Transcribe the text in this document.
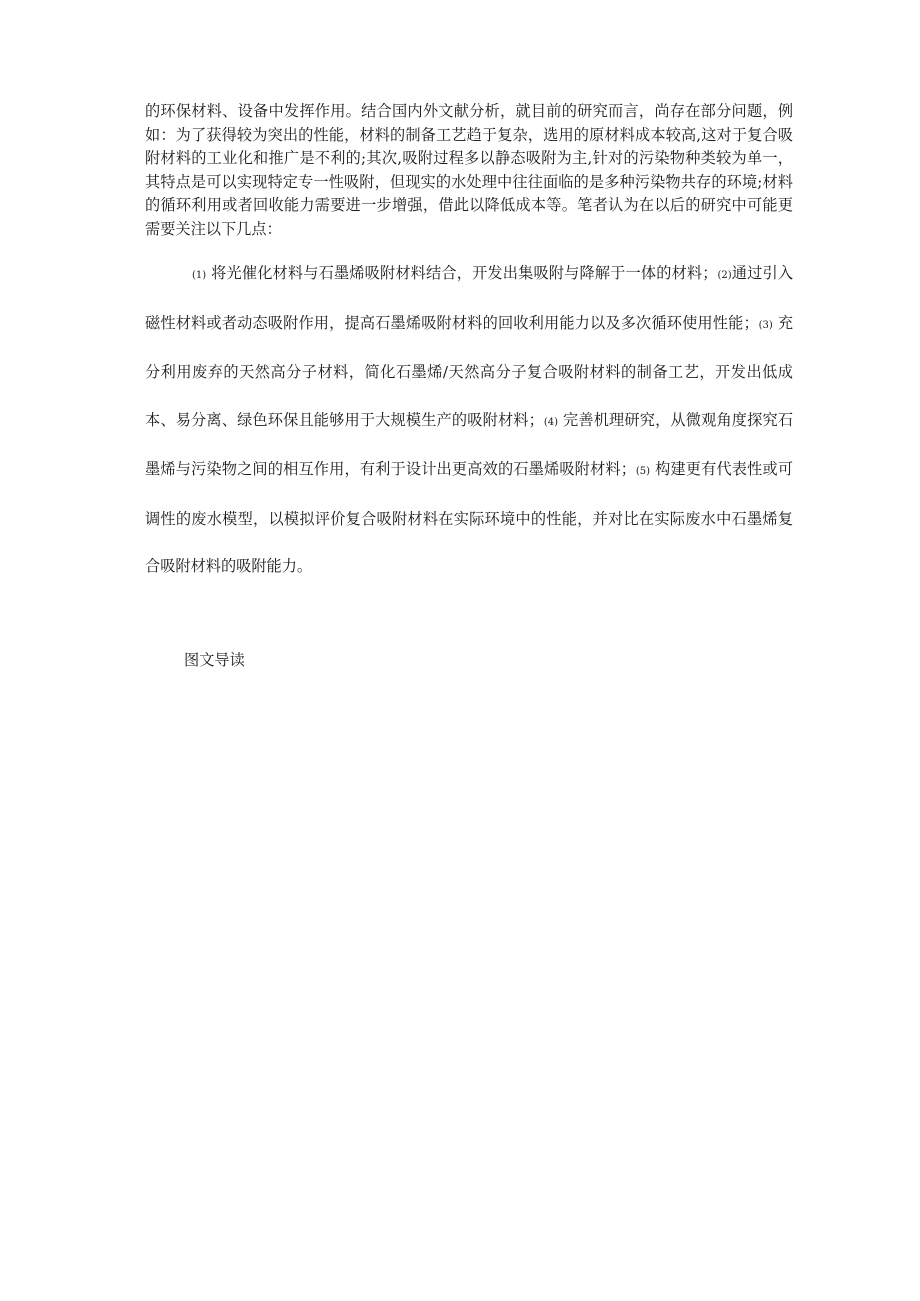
的环保材料、设备中发挥作用。结合国内外文献分析，就目前的研究而言，尚存在部分问题，例如：为了获得较为突出的性能，材料的制备工艺趋于复杂，选用的原材料成本较高,这对于复合吸附材料的工业化和推广是不利的;其次,吸附过程多以静态吸附为主,针对的污染物种类较为单一，其特点是可以实现特定专一性吸附，但现实的水处理中往往面临的是多种污染物共存的环境;材料的循环利用或者回收能力需要进一步增强，借此以降低成本等。笔者认为在以后的研究中可能更需要关注以下几点：

(1) 将光催化材料与石墨烯吸附材料结合，开发出集吸附与降解于一体的材料；(2)通过引入磁性材料或者动态吸附作用，提高石墨烯吸附材料的回收利用能力以及多次循环使用性能；(3) 充分利用废弃的天然高分子材料，简化石墨烯/天然高分子复合吸附材料的制备工艺，开发出低成本、易分离、绿色环保且能够用于大规模生产的吸附材料；(4) 完善机理研究，从微观角度探究石墨烯与污染物之间的相互作用，有利于设计出更高效的石墨烯吸附材料；(5) 构建更有代表性或可调性的废水模型，以模拟评价复合吸附材料在实际环境中的性能，并对比在实际废水中石墨烯复合吸附材料的吸附能力。

图文导读
